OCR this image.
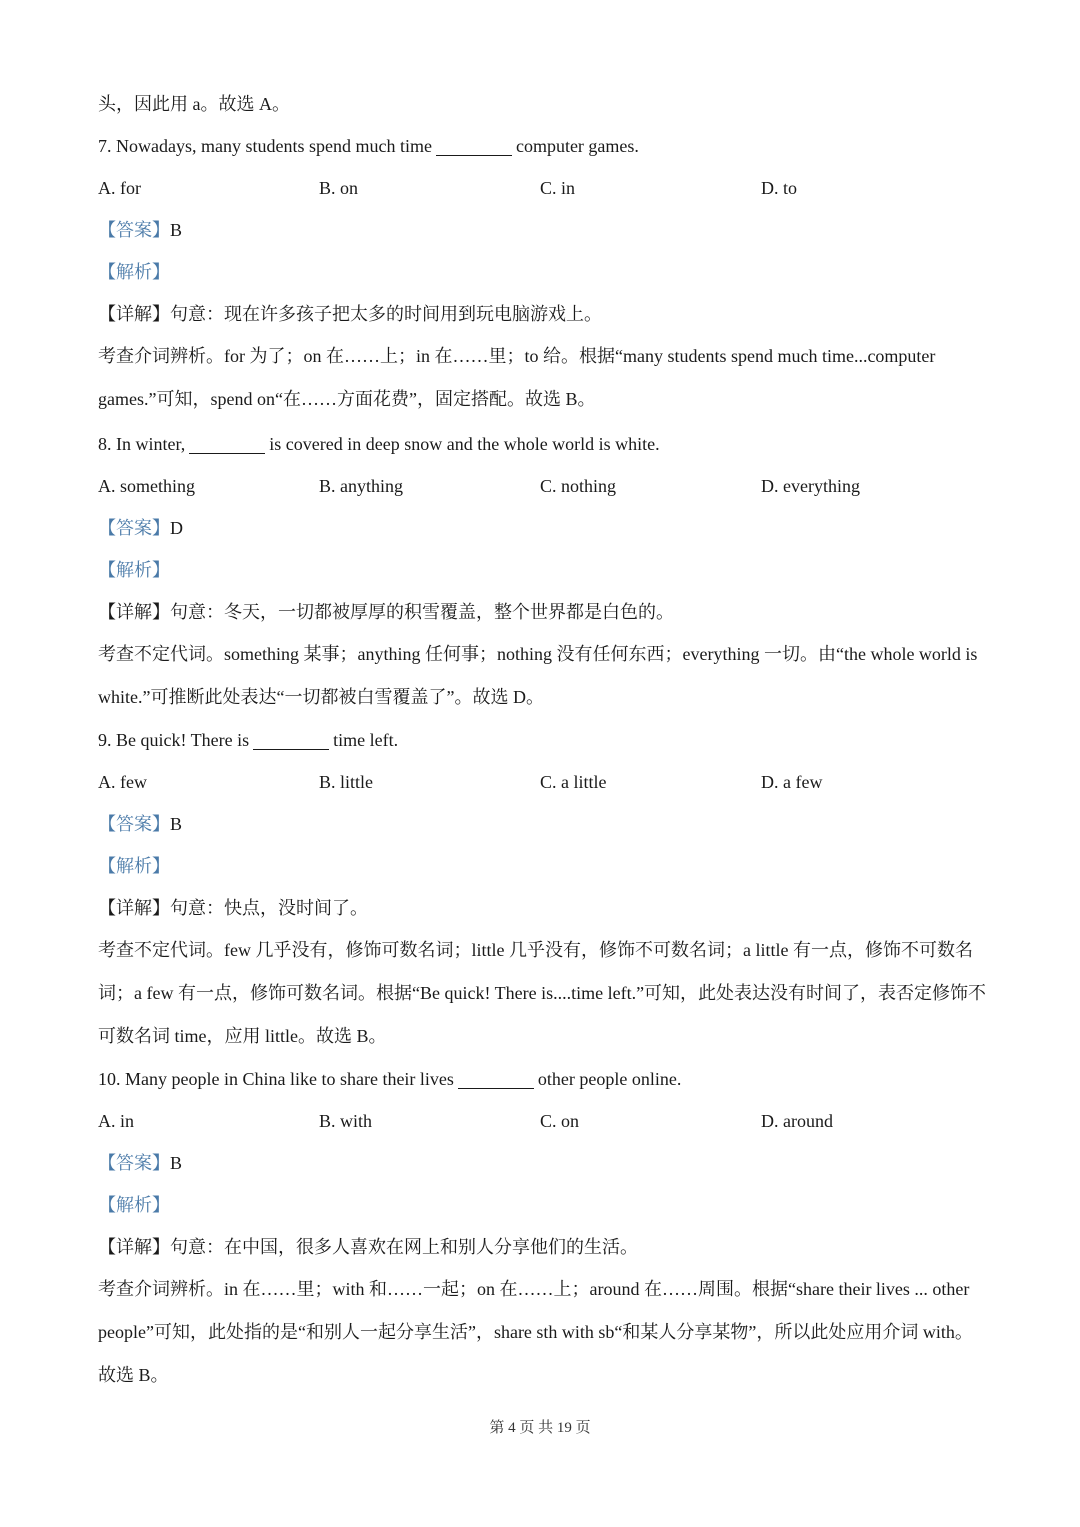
头，因此用 a。故选 A。
7. Nowadays, many students spend much time	computer games.
A. for	B. on	C. in	D. to
【答案】B
【解析】
【详解】句意：现在许多孩子把太多的时间用到玩电脑游戏上。
考查介词辨析。for 为了；on 在……上；in 在……里；to 给。根据“many students spend much time...computer games.”可知，spend on“在……方面花费”，固定搭配。故选 B。
8. In winter,	is covered in deep snow and the whole world is white.
A. something	B. anything	C. nothing	D. everything
【答案】D
【解析】
【详解】句意：冬天，一切都被厚厚的积雪覆盖，整个世界都是白色的。
考查不定代词。something 某事；anything 任何事；nothing 没有任何东西；everything 一切。由“the whole world is white.”可推断此处表达“一切都被白雪覆盖了”。故选 D。
9. Be quick! There is	time left.
A. few	B. little	C. a little	D. a few
【答案】B
【解析】
【详解】句意：快点，没时间了。
考查不定代词。few 几乎没有，修饰可数名词；little 几乎没有，修饰不可数名词；a little 有一点，修饰不可数名词；a few 有一点，修饰可数名词。根据“Be quick! There is....time left.”可知，此处表达没有时间了，表否定修饰不可数名词 time，应用 little。故选 B。
10. Many people in China like to share their lives	other people online.
A. in	B. with	C. on	D. around
【答案】B
【解析】
【详解】句意：在中国，很多人喜欢在网上和别人分享他们的生活。
考查介词辨析。in 在……里；with 和……一起；on 在……上；around 在……周围。根据“share their lives ... other people”可知，此处指的是“和别人一起分享生活”，share sth with sb“和某人分享某物”，所以此处应用介词 with。故选 B。
第 4 页 共 19 页
